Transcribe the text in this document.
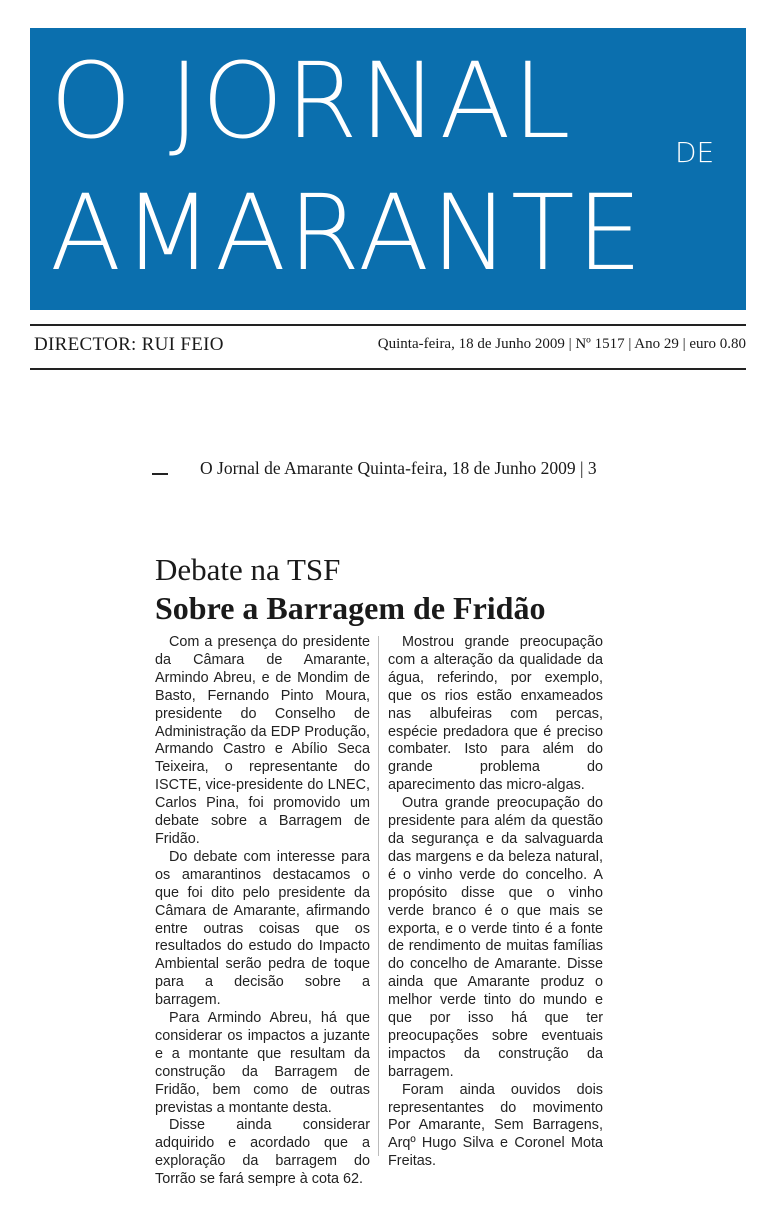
O JORNAL	DE
AMARANTE
DIRECTOR: RUI FEIO	Quinta-feira, 18 de Junho 2009 | Nº 1517 | Ano 29 | euro 0.80
O Jornal de Amarante Quinta-feira, 18 de Junho 2009 | 3
Debate na TSF
Sobre a Barragem de Fridão

Com a presença do presidente da Câmara de Amarante, Armindo Abreu, e de Mondim de Basto, Fernando Pinto Moura, presidente do Conselho de Administração da EDP Produção, Armando Castro e Abílio Seca Teixeira, o representante do ISCTE, vice-presidente do LNEC, Carlos Pina, foi promovido um debate sobre a Barragem de Fridão.

Do debate com interesse para os amarantinos destacamos o que foi dito pelo presidente da Câmara de Amarante, afirmando entre outras coisas que os resultados do estudo do Impacto Ambiental serão pedra de toque para a decisão sobre a barragem.

Para Armindo Abreu, há que considerar os impactos a juzante e a montante que resultam da construção da Barragem de Fridão, bem como de outras previstas a montante desta.

Disse ainda considerar adquirido e acordado que a exploração da barragem do Torrão se fará sempre à cota 62.

Mostrou grande preocupação com a alteração da qualidade da água, referindo, por exemplo, que os rios estão enxameados nas albufeiras com percas, espécie predadora que é preciso combater. Isto para além do grande problema do aparecimento das micro-algas.

Outra grande preocupação do presidente para além da questão da segurança e da salvaguarda das margens e da beleza natural, é o vinho verde do concelho. A propósito disse que o vinho verde branco é o que mais se exporta, e o verde tinto é a fonte de rendimento de muitas famílias do concelho de Amarante. Disse ainda que Amarante produz o melhor verde tinto do mundo e que por isso há que ter preocupações sobre eventuais impactos da construção da barragem.

Foram ainda ouvidos dois representantes do movimento Por Amarante, Sem Barragens, Arqº Hugo Silva e Coronel Mota Freitas.
